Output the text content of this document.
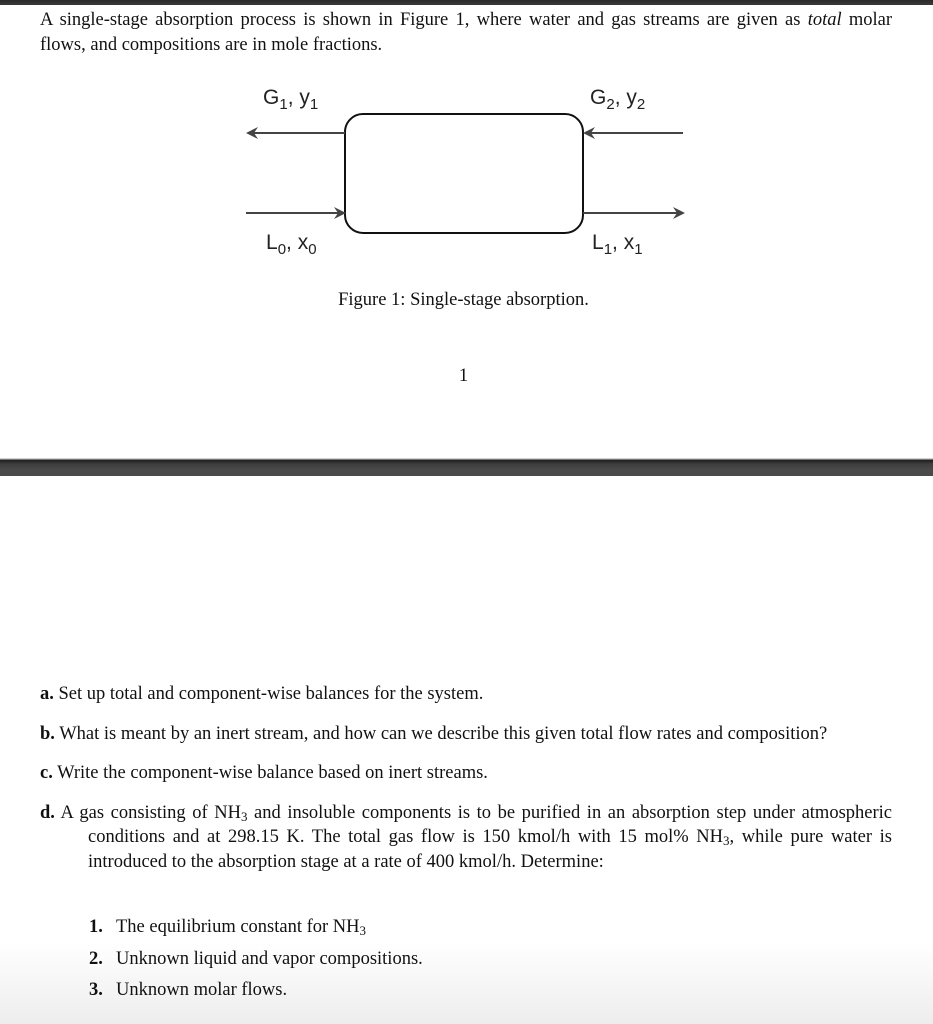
A single-stage absorption process is shown in Figure 1, where water and gas streams are given as total molar flows, and compositions are in mole fractions.
$G_1$, $y_1$	$G_2$, $y_2$
$L_0$, $x_0$	$L_1$, $x_1$
Figure 1: Single-stage absorption.
1
a. Set up total and component-wise balances for the system.
b. What is meant by an inert stream, and how can we describe this given total flow rates and composition?
c. Write the component-wise balance based on inert streams.
d. A gas consisting of $NH_3$ and insoluble components is to be purified in an absorption step under atmospheric conditions and at 298.15 K. The total gas flow is 150 kmol/h with 15 mol% $NH_3$, while pure water is introduced to the absorption stage at a rate of 400 kmol/h. Determine:
1. The equilibrium constant for $NH_3$
2. Unknown liquid and vapor compositions.
3. Unknown molar flows.
